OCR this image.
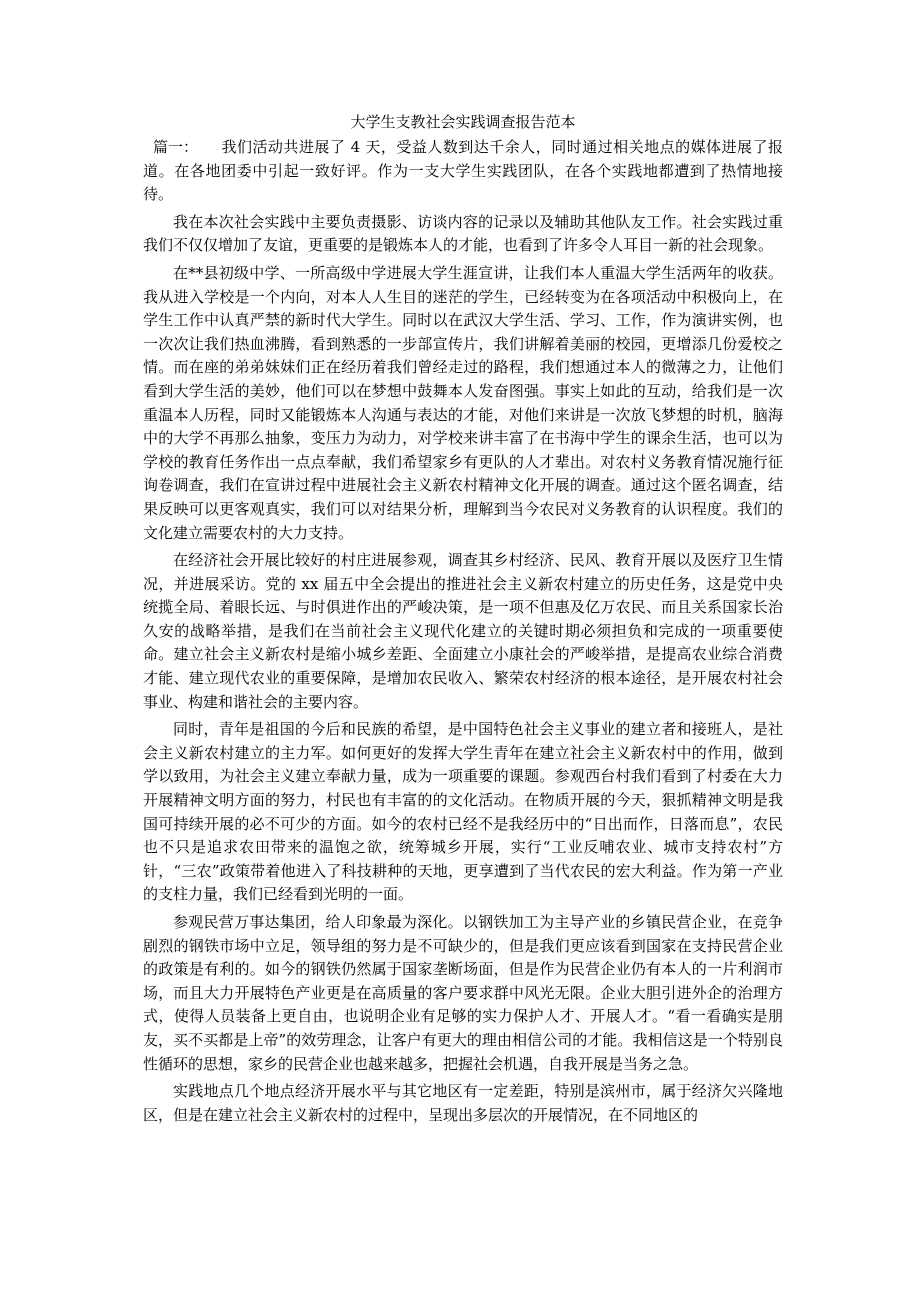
大学生支教社会实践调查报告范本

篇一： 我们活动共进展了 4 天，受益人数到达千余人，同时通过相关地点的媒体进展了报道。在各地团委中引起一致好评。作为一支大学生实践团队，在各个实践地都遭到了热情地接待。

我在本次社会实践中主要负责摄影、访谈内容的记录以及辅助其他队友工作。社会实践过重我们不仅仅增加了友谊，更重要的是锻炼本人的才能，也看到了许多令人耳目一新的社会现象。

在**县初级中学、一所高级中学进展大学生涯宣讲，让我们本人重温大学生活两年的收获。我从进入学校是一个内向，对本人人生目的迷茫的学生，已经转变为在各项活动中积极向上，在学生工作中认真严禁的新时代大学生。同时以在武汉大学生活、学习、工作，作为演讲实例，也一次次让我们热血沸腾，看到熟悉的一步部宣传片，我们讲解着美丽的校园，更增添几份爱校之情。而在座的弟弟妹妹们正在经历着我们曾经走过的路程，我们想通过本人的微薄之力，让他们看到大学生活的美妙，他们可以在梦想中鼓舞本人发奋图强。事实上如此的互动，给我们是一次重温本人历程，同时又能锻炼本人沟通与表达的才能，对他们来讲是一次放飞梦想的时机，脑海中的大学不再那么抽象，变压力为动力，对学校来讲丰富了在书海中学生的课余生活，也可以为学校的教育任务作出一点点奉献，我们希望家乡有更队的人才辈出。对农村义务教育情况施行征询卷调查，我们在宣讲过程中进展社会主义新农村精神文化开展的调查。通过这个匿名调查，结果反映可以更客观真实，我们可以对结果分析，理解到当今农民对义务教育的认识程度。我们的文化建立需要农村的大力支持。

在经济社会开展比较好的村庄进展参观，调查其乡村经济、民风、教育开展以及医疗卫生情况，并进展采访。党的 xx 届五中全会提出的推进社会主义新农村建立的历史任务，这是党中央统揽全局、着眼长远、与时俱进作出的严峻决策，是一项不但惠及亿万农民、而且关系国家长治久安的战略举措，是我们在当前社会主义现代化建立的关键时期必须担负和完成的一项重要使命。建立社会主义新农村是缩小城乡差距、全面建立小康社会的严峻举措，是提高农业综合消费才能、建立现代农业的重要保障，是增加农民收入、繁荣农村经济的根本途径，是开展农村社会事业、构建和谐社会的主要内容。

同时，青年是祖国的今后和民族的希望，是中国特色社会主义事业的建立者和接班人，是社会主义新农村建立的主力军。如何更好的发挥大学生青年在建立社会主义新农村中的作用，做到学以致用，为社会主义建立奉献力量，成为一项重要的课题。参观西台村我们看到了村委在大力开展精神文明方面的努力，村民也有丰富的的文化活动。在物质开展的今天，狠抓精神文明是我国可持续开展的必不可少的方面。如今的农村已经不是我经历中的“日出而作，日落而息”，农民也不只是追求农田带来的温饱之欲，统筹城乡开展，实行“工业反哺农业、城市支持农村”方针，“三农”政策带着他进入了科技耕种的天地，更享遭到了当代农民的宏大利益。作为第一产业的支柱力量，我们已经看到光明的一面。

参观民营万事达集团，给人印象最为深化。以钢铁加工为主导产业的乡镇民营企业，在竞争剧烈的钢铁市场中立足，领导组的努力是不可缺少的，但是我们更应该看到国家在支持民营企业的政策是有利的。如今的钢铁仍然属于国家垄断场面，但是作为民营企业仍有本人的一片利润市场，而且大力开展特色产业更是在高质量的客户要求群中风光无限。企业大胆引进外企的治理方式，使得人员装备上更自由，也说明企业有足够的实力保护人才、开展人才。“看一看确实是朋友，买不买都是上帝”的效劳理念，让客户有更大的理由相信公司的才能。我相信这是一个特别良性循环的思想，家乡的民营企业也越来越多，把握社会机遇，自我开展是当务之急。

实践地点几个地点经济开展水平与其它地区有一定差距，特别是滨州市，属于经济欠兴隆地区，但是在建立社会主义新农村的过程中，呈现出多层次的开展情况，在不同地区的
